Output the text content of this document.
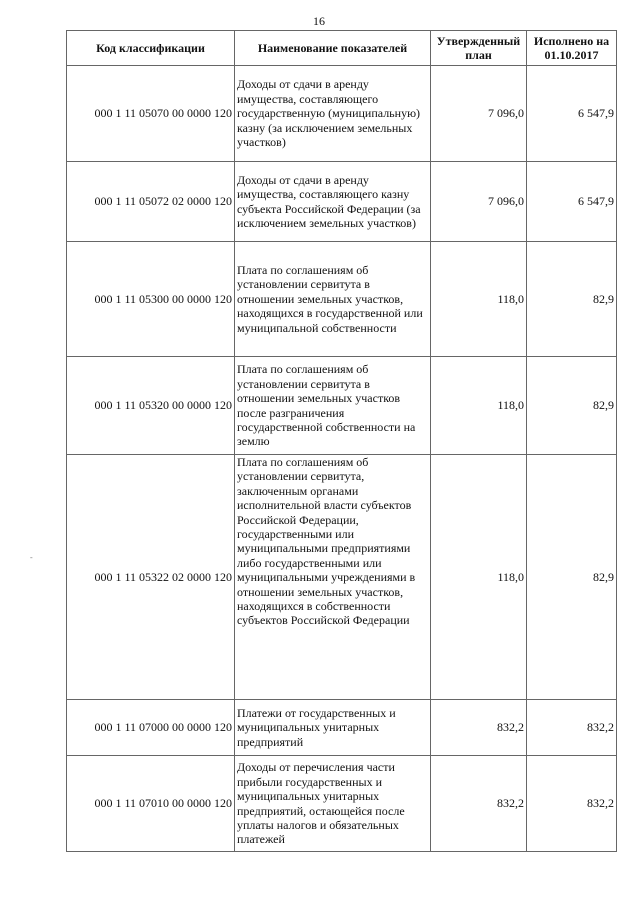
16
-
Код классификации	Наименование показателей	Утвержденный план	Исполнено на 01.10.2017
000 1 11 05070 00 0000 120	Доходы от сдачи в аренду имущества, составляющего государственную (муниципальную) казну (за исключением земельных участков)	7 096,0	6 547,9
000 1 11 05072 02 0000 120	Доходы от сдачи в аренду имущества, составляющего казну субъекта Российской Федерации (за исключением земельных участков)	7 096,0	6 547,9
000 1 11 05300 00 0000 120	Плата по соглашениям об установлении сервитута в отношении земельных участков, находящихся в государственной или муниципальной собственности	118,0	82,9
000 1 11 05320 00 0000 120	Плата по соглашениям об установлении сервитута в отношении земельных участков после разграничения государственной собственности на землю	118,0	82,9
000 1 11 05322 02 0000 120	Плата по соглашениям об установлении сервитута, заключенным органами исполнительной власти субъектов Российской Федерации, государственными или муниципальными предприятиями либо государственными или муниципальными учреждениями в отношении земельных участков, находящихся в собственности субъектов Российской Федерации	118,0	82,9
000 1 11 07000 00 0000 120	Платежи от государственных и муниципальных унитарных предприятий	832,2	832,2
000 1 11 07010 00 0000 120	Доходы от перечисления части прибыли государственных и муниципальных унитарных предприятий, остающейся после уплаты налогов и обязательных платежей	832,2	832,2
